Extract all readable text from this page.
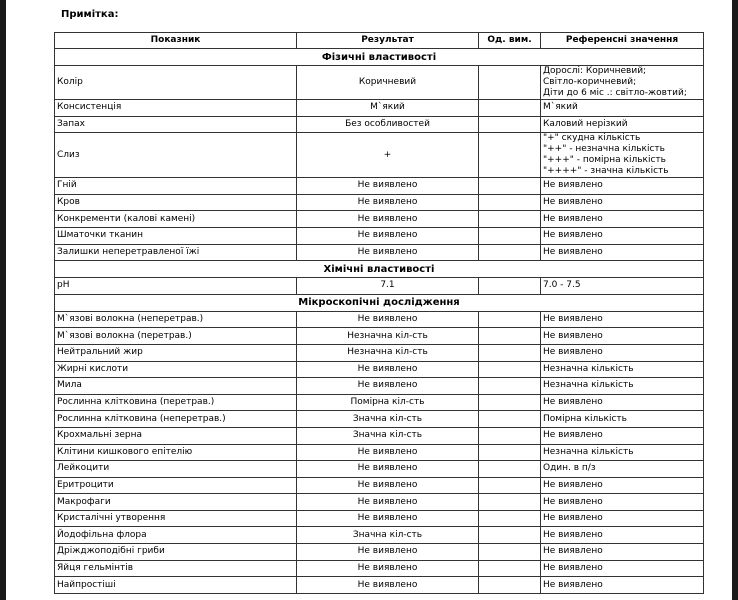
Примітка:
Показник	Результат	Од. вим.	Референсні значення
Фізичні властивості			
Колір	Коричневий		Дорослі: Коричневий;
Світло-коричневий;
Діти до 6 міс .: світло-жовтий;

Консистенція	М`який		М`який

Запах	Без особливостей		Каловий нерізкий

Слиз	+		"+" скудна кількість
"++" - незначна кількість
"+++" - помірна кількість
"++++" - значна кількість

Гній	Не виявлено		Не виявлено

Кров	Не виявлено		Не виявлено

Конкременти (калові камені)	Не виявлено		Не виявлено

Шматочки тканин	Не виявлено		Не виявлено

Залишки неперетравленої їжі	Не виявлено		Не виявлено

Хімічні властивості			
pH	7.1		7.0 - 7.5

Мікроскопічні дослідження			
М`язові волокна (неперетрав.)	Не виявлено		Не виявлено

М`язові волокна (перетрав.)	Незначна кіл-сть		Не виявлено

Нейтральний жир	Незначна кіл-сть		Не виявлено

Жирні кислоти	Не виявлено		Незначна кількість

Мила	Не виявлено		Незначна кількість

Рослинна клітковина (перетрав.)	Помірна кіл-сть		Не виявлено

Рослинна клітковина (неперетрав.)	Значна кіл-сть		Помірна кількість

Крохмальні зерна	Значна кіл-сть		Не виявлено

Клітини кишкового епітелію	Не виявлено		Незначна кількість

Лейкоцити	Не виявлено		Один. в п/з

Еритроцити	Не виявлено		Не виявлено

Макрофаги	Не виявлено		Не виявлено

Кристалічні утворення	Не виявлено		Не виявлено

Йодофільна флора	Значна кіл-сть		Не виявлено

Дріжджоподібні гриби	Не виявлено		Не виявлено

Яйця гельмінтів	Не виявлено		Не виявлено

Найпростіші	Не виявлено		Не виявлено
